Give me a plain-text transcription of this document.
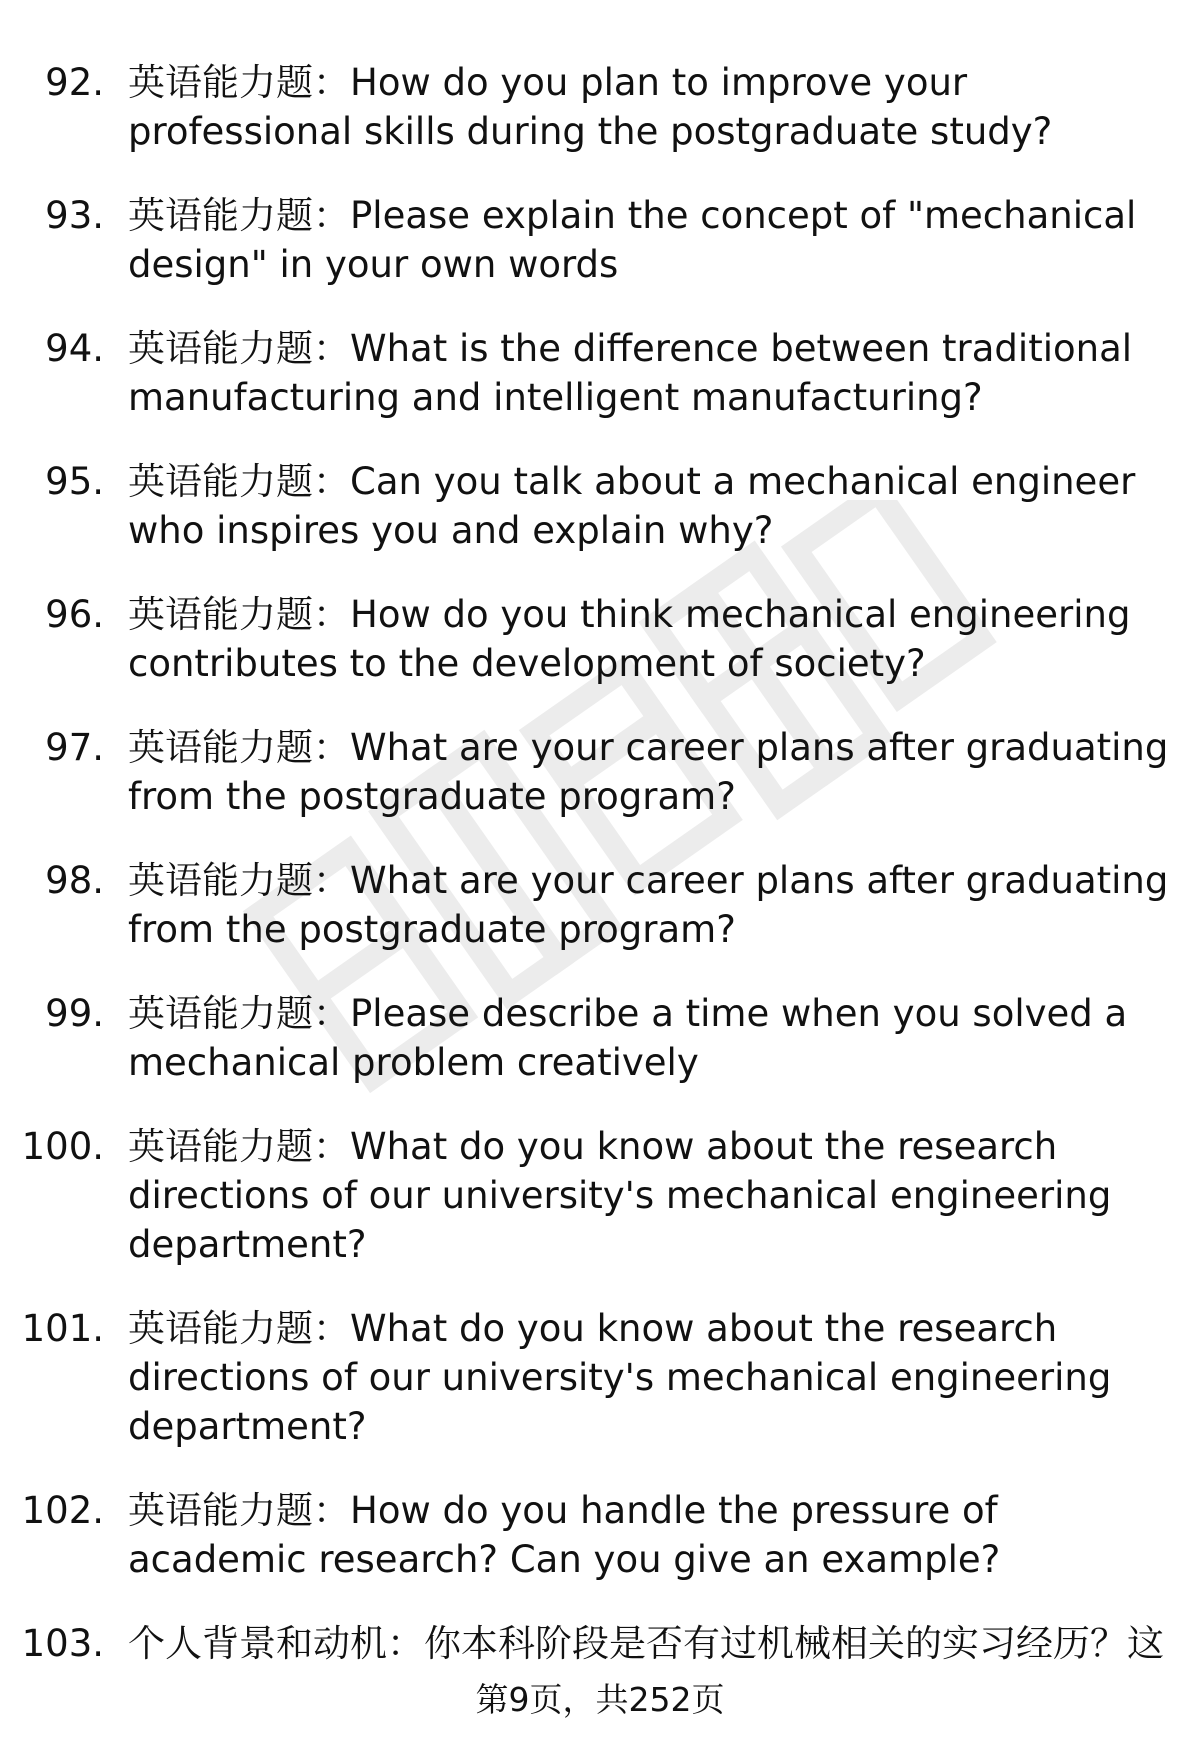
92. 英语能力题：How do you plan to improve your professional skills during the postgraduate study?
93. 英语能力题：Please explain the concept of "mechanical design" in your own words
94. 英语能力题：What is the difference between traditional manufacturing and intelligent manufacturing?
95. 英语能力题：Can you talk about a mechanical engineer who inspires you and explain why?
96. 英语能力题：How do you think mechanical engineering contributes to the development of society?
97. 英语能力题：What are your career plans after graduating from the postgraduate program?
98. 英语能力题：What are your career plans after graduating from the postgraduate program?
99. 英语能力题：Please describe a time when you solved a mechanical problem creatively
100. 英语能力题：What do you know about the research directions of our university's mechanical engineering department?
101. 英语能力题：What do you know about the research directions of our university's mechanical engineering department?
102. 英语能力题：How do you handle the pressure of academic research? Can you give an example?
103. 个人背景和动机：你本科阶段是否有过机械相关的实习经历？这
第9页，共252页
